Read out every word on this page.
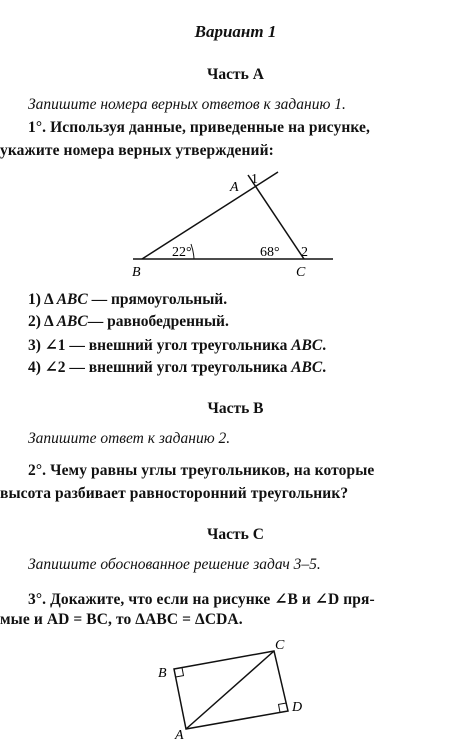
Вариант 1
Часть А
Запишите номера верных ответов к заданию 1.
1°. Используя данные, приведенные на рисунке,
укажите номера верных утверждений:
A
1
22°	68° 2
B	C
1) Δ ABC — прямоугольный.
2) Δ ABC— равнобедренный.
3) ∠1 — внешний угол треугольника ABC.
4) ∠2 — внешний угол треугольника ABC.
Часть В
Запишите ответ к заданию 2.
2°. Чему равны углы треугольников, на которые
высота разбивает равносторонний треугольник?
Часть С
Запишите обоснованное решение задач 3–5.
3°. Докажите, что если на рисунке ∠B и ∠D пря-
мые и AD = BC, то ΔABC = ΔCDA.
B
C
D
A
